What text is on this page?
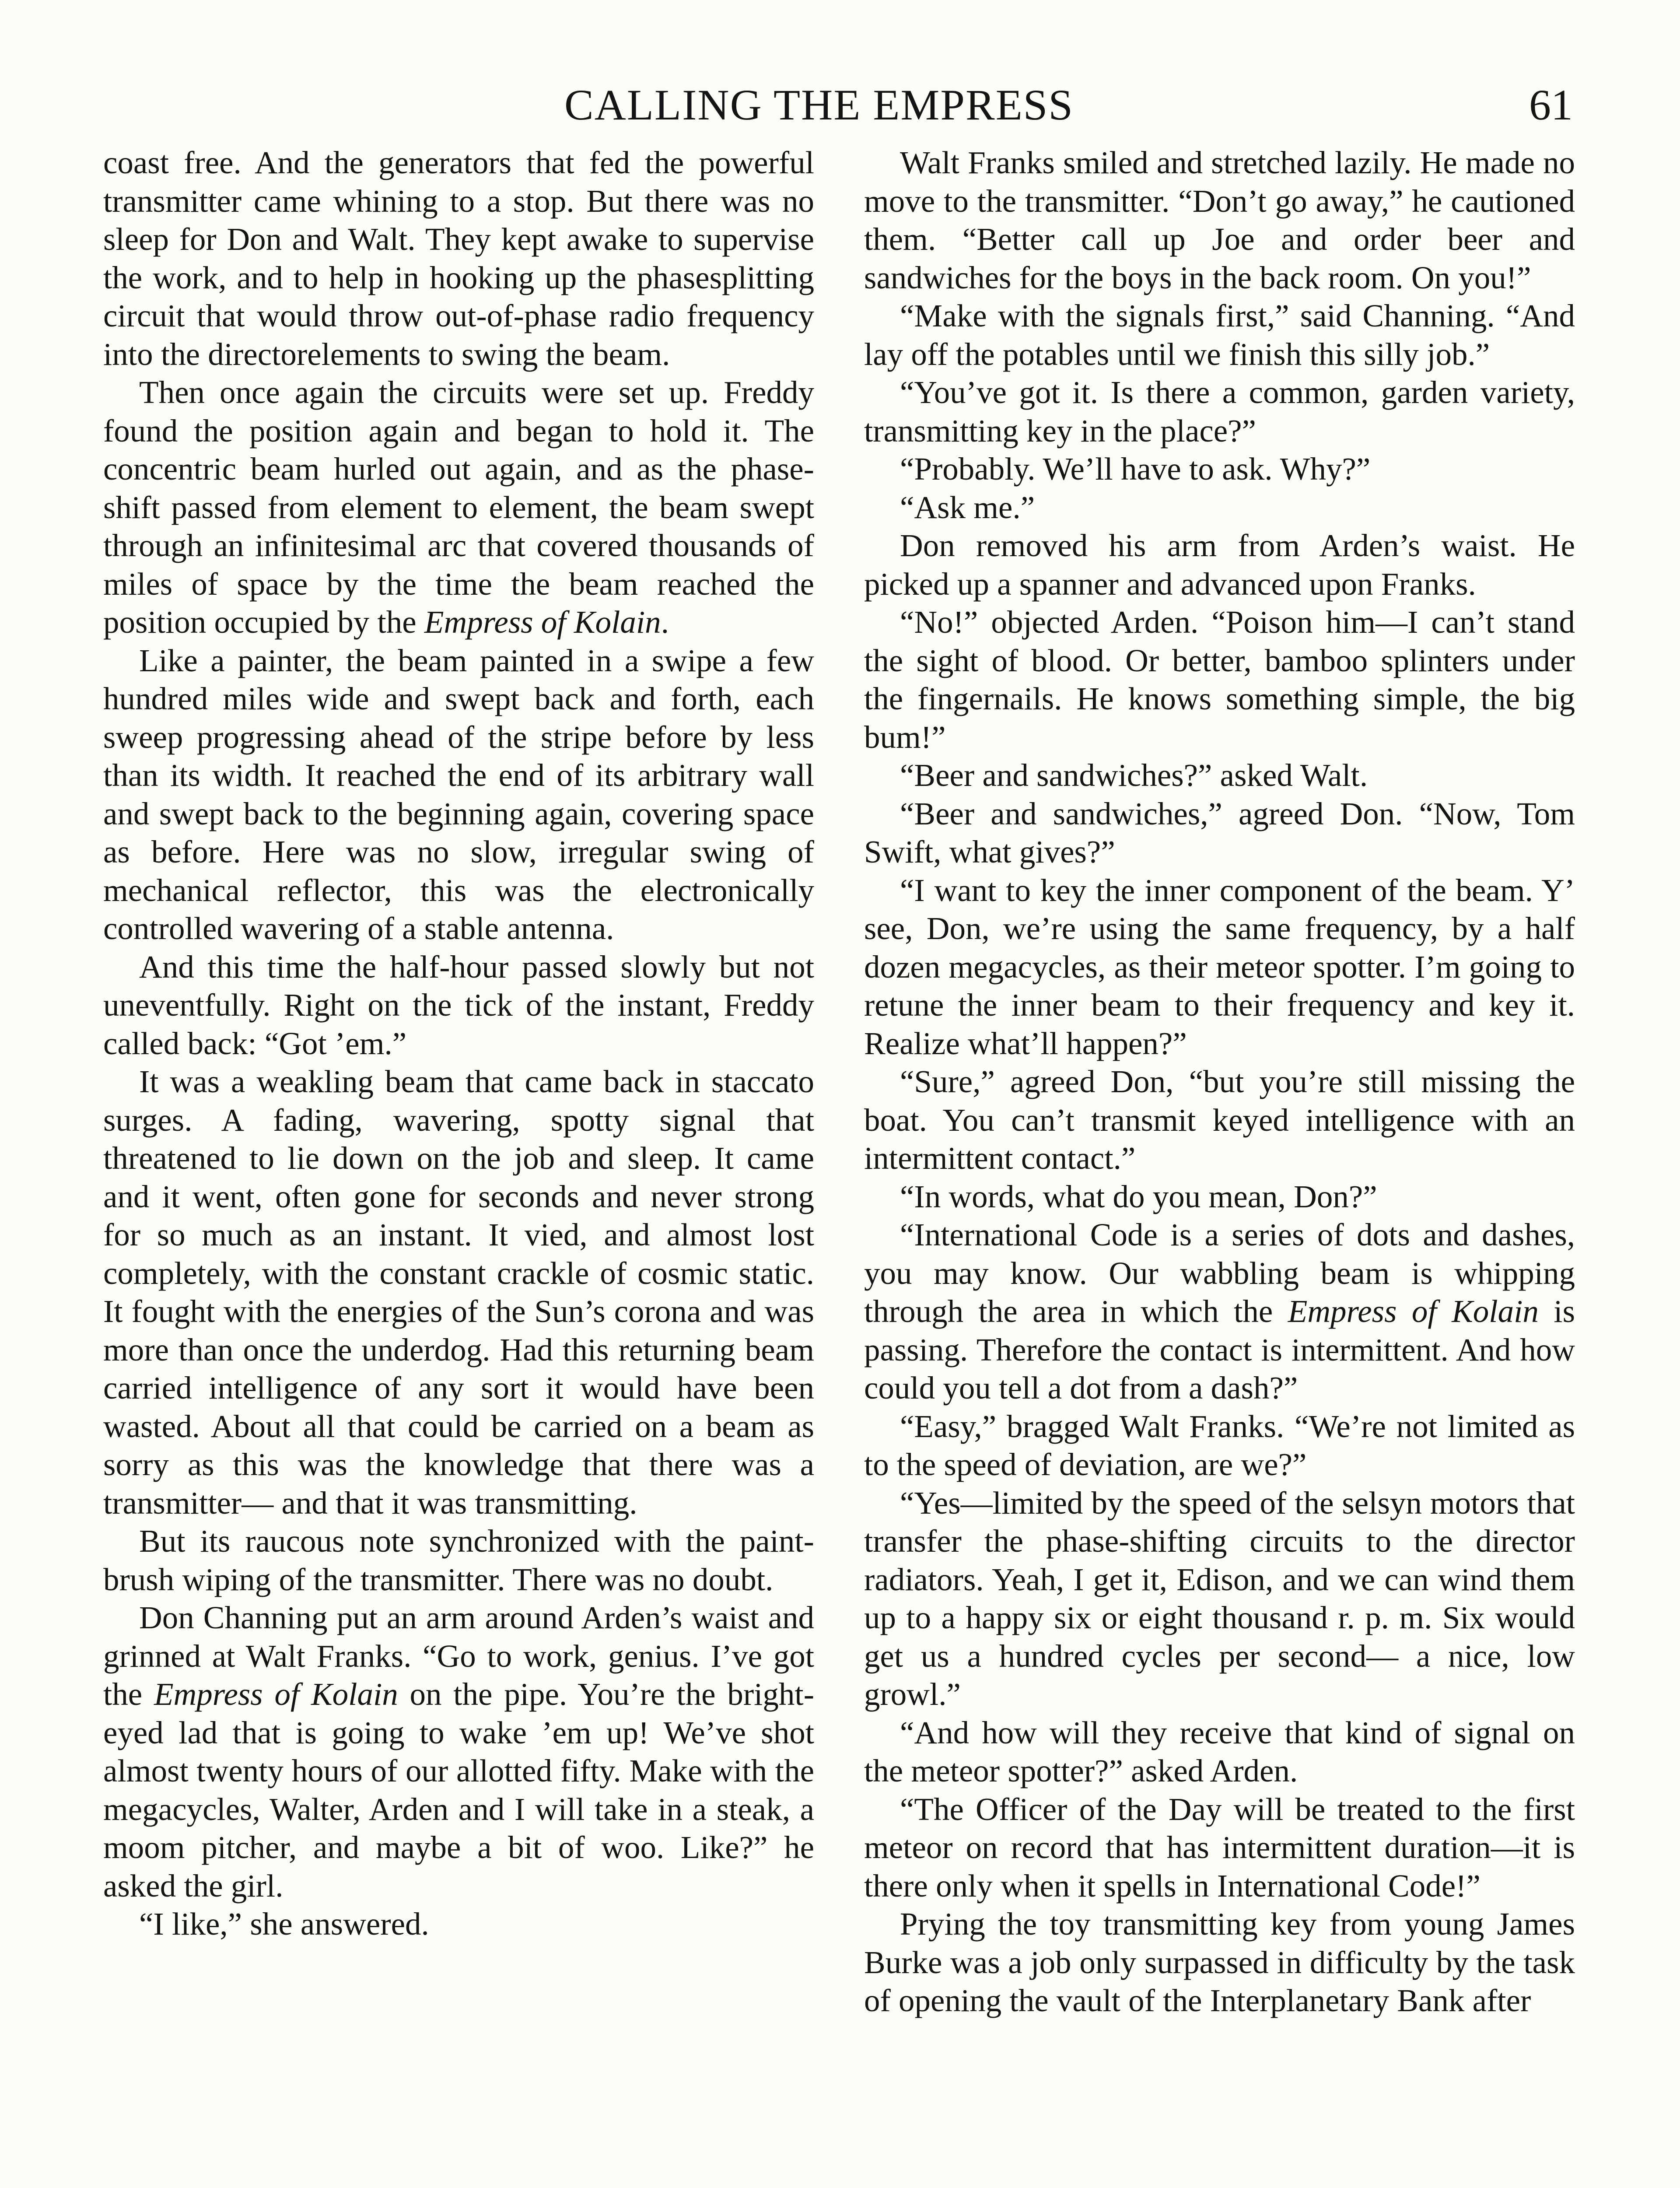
CALLING THE EMPRESS	61

coast free. And the generators that fed the powerful transmitter came whining to a stop. But there was no sleep for Don and Walt. They kept awake to supervise the work, and to help in hooking up the phasesplitting circuit that would throw out-of-phase radio frequency into the directorelements to swing the beam.

Then once again the circuits were set up. Freddy found the position again and began to hold it. The concentric beam hurled out again, and as the phase-shift passed from element to element, the beam swept through an infinitesimal arc that covered thousands of miles of space by the time the beam reached the position occupied by the Empress of Kolain.

Like a painter, the beam painted in a swipe a few hundred miles wide and swept back and forth, each sweep progressing ahead of the stripe before by less than its width. It reached the end of its arbitrary wall and swept back to the beginning again, covering space as before. Here was no slow, irregular swing of mechanical reflector, this was the electronically controlled wavering of a stable antenna.

And this time the half-hour passed slowly but not uneventfully. Right on the tick of the instant, Freddy called back: “Got ’em.”

It was a weakling beam that came back in staccato surges. A fading, wavering, spotty signal that threatened to lie down on the job and sleep. It came and it went, often gone for seconds and never strong for so much as an instant. It vied, and almost lost completely, with the constant crackle of cosmic static. It fought with the energies of the Sun’s corona and was more than once the underdog. Had this returning beam carried intelligence of any sort it would have been wasted. About all that could be carried on a beam as sorry as this was the knowledge that there was a transmitter— and that it was transmitting.

But its raucous note synchronized with the paint-brush wiping of the transmitter. There was no doubt.

Don Channing put an arm around Arden’s waist and grinned at Walt Franks. “Go to work, genius. I’ve got the Empress of Kolain on the pipe. You’re the bright-eyed lad that is going to wake ’em up! We’ve shot almost twenty hours of our allotted fifty. Make with the megacycles, Walter, Arden and I will take in a steak, a moom pitcher, and maybe a bit of woo. Like?” he asked the girl.

“I like,” she answered.

Walt Franks smiled and stretched lazily. He made no move to the transmitter. “Don’t go away,” he cautioned them. “Better call up Joe and order beer and sandwiches for the boys in the back room. On you!”

“Make with the signals first,” said Channing. “And lay off the potables until we finish this silly job.”

“You’ve got it. Is there a common, garden variety, transmitting key in the place?”

“Probably. We’ll have to ask. Why?”

“Ask me.”

Don removed his arm from Arden’s waist. He picked up a spanner and advanced upon Franks.

“No!” objected Arden. “Poison him—I can’t stand the sight of blood. Or better, bamboo splinters under the fingernails. He knows something simple, the big bum!”

“Beer and sandwiches?” asked Walt.

“Beer and sandwiches,” agreed Don. “Now, Tom Swift, what gives?”

“I want to key the inner component of the beam. Y’ see, Don, we’re using the same frequency, by a half dozen megacycles, as their meteor spotter. I’m going to retune the inner beam to their frequency and key it. Realize what’ll happen?”

“Sure,” agreed Don, “but you’re still missing the boat. You can’t transmit keyed intelligence with an intermittent contact.”

“In words, what do you mean, Don?”

“International Code is a series of dots and dashes, you may know. Our wabbling beam is whipping through the area in which the Empress of Kolain is passing. Therefore the contact is intermittent. And how could you tell a dot from a dash?”

“Easy,” bragged Walt Franks. “We’re not limited as to the speed of deviation, are we?”

“Yes—limited by the speed of the selsyn motors that transfer the phase-shifting circuits to the director radiators. Yeah, I get it, Edison, and we can wind them up to a happy six or eight thousand r. p. m. Six would get us a hundred cycles per second— a nice, low growl.”

“And how will they receive that kind of signal on the meteor spotter?” asked Arden.

“The Officer of the Day will be treated to the first meteor on record that has intermittent duration—it is there only when it spells in International Code!”

Prying the toy transmitting key from young James Burke was a job only surpassed in difficulty by the task of opening the vault of the Interplanetary Bank after
